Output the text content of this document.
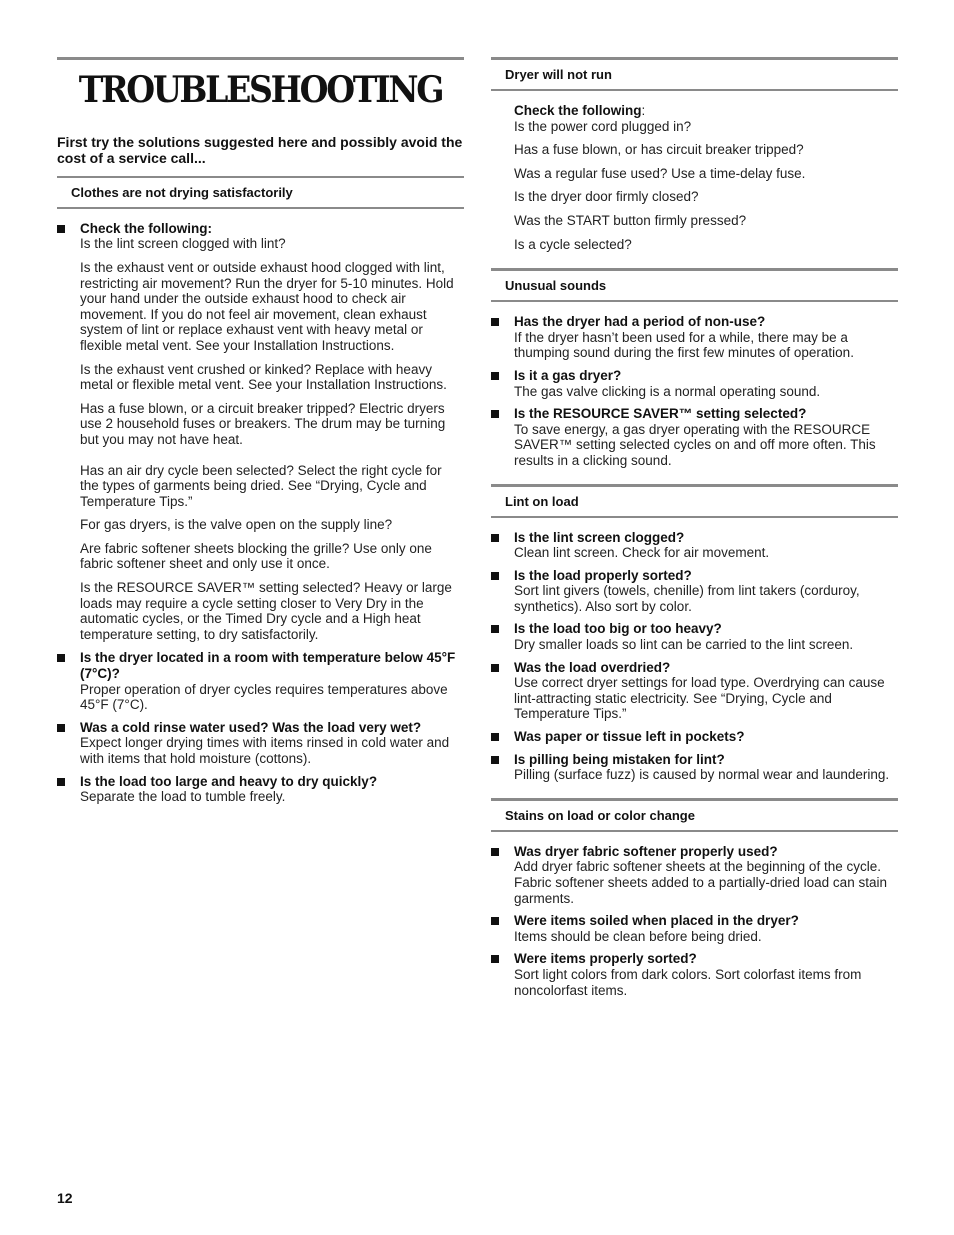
TROUBLESHOOTING
First try the solutions suggested here and possibly avoid the cost of a service call...
Clothes are not drying satisfactorily
Check the following:
Is the lint screen clogged with lint?
Is the exhaust vent or outside exhaust hood clogged with lint, restricting air movement? Run the dryer for 5-10 minutes. Hold your hand under the outside exhaust hood to check air movement. If you do not feel air movement, clean exhaust system of lint or replace exhaust vent with heavy metal or flexible metal vent. See your Installation Instructions.
Is the exhaust vent crushed or kinked? Replace with heavy metal or flexible metal vent. See your Installation Instructions.
Has a fuse blown, or a circuit breaker tripped? Electric dryers use 2 household fuses or breakers. The drum may be turning but you may not have heat.
Has an air dry cycle been selected? Select the right cycle for the types of garments being dried. See “Drying, Cycle and Temperature Tips.”
For gas dryers, is the valve open on the supply line?
Are fabric softener sheets blocking the grille? Use only one fabric softener sheet and only use it once.
Is the RESOURCE SAVER™ setting selected? Heavy or large loads may require a cycle setting closer to Very Dry in the automatic cycles, or the Timed Dry cycle and a High heat temperature setting, to dry satisfactorily.
Is the dryer located in a room with temperature below 45°F (7°C)?
Proper operation of dryer cycles requires temperatures above 45°F (7°C).
Was a cold rinse water used? Was the load very wet?
Expect longer drying times with items rinsed in cold water and with items that hold moisture (cottons).
Is the load too large and heavy to dry quickly?
Separate the load to tumble freely.
Dryer will not run
Check the following:
Is the power cord plugged in?
Has a fuse blown, or has circuit breaker tripped?
Was a regular fuse used? Use a time-delay fuse.
Is the dryer door firmly closed?
Was the START button firmly pressed?
Is a cycle selected?
Unusual sounds
Has the dryer had a period of non-use?
If the dryer hasn’t been used for a while, there may be a thumping sound during the first few minutes of operation.
Is it a gas dryer?
The gas valve clicking is a normal operating sound.
Is the RESOURCE SAVER™ setting selected?
To save energy, a gas dryer operating with the RESOURCE SAVER™ setting selected cycles on and off more often. This results in a clicking sound.
Lint on load
Is the lint screen clogged?
Clean lint screen. Check for air movement.
Is the load properly sorted?
Sort lint givers (towels, chenille) from lint takers (corduroy, synthetics). Also sort by color.
Is the load too big or too heavy?
Dry smaller loads so lint can be carried to the lint screen.
Was the load overdried?
Use correct dryer settings for load type. Overdrying can cause lint-attracting static electricity. See “Drying, Cycle and Temperature Tips.”
Was paper or tissue left in pockets?
Is pilling being mistaken for lint?
Pilling (surface fuzz) is caused by normal wear and laundering.
Stains on load or color change
Was dryer fabric softener properly used?
Add dryer fabric softener sheets at the beginning of the cycle. Fabric softener sheets added to a partially-dried load can stain garments.
Were items soiled when placed in the dryer?
Items should be clean before being dried.
Were items properly sorted?
Sort light colors from dark colors. Sort colorfast items from noncolorfast items.
12
